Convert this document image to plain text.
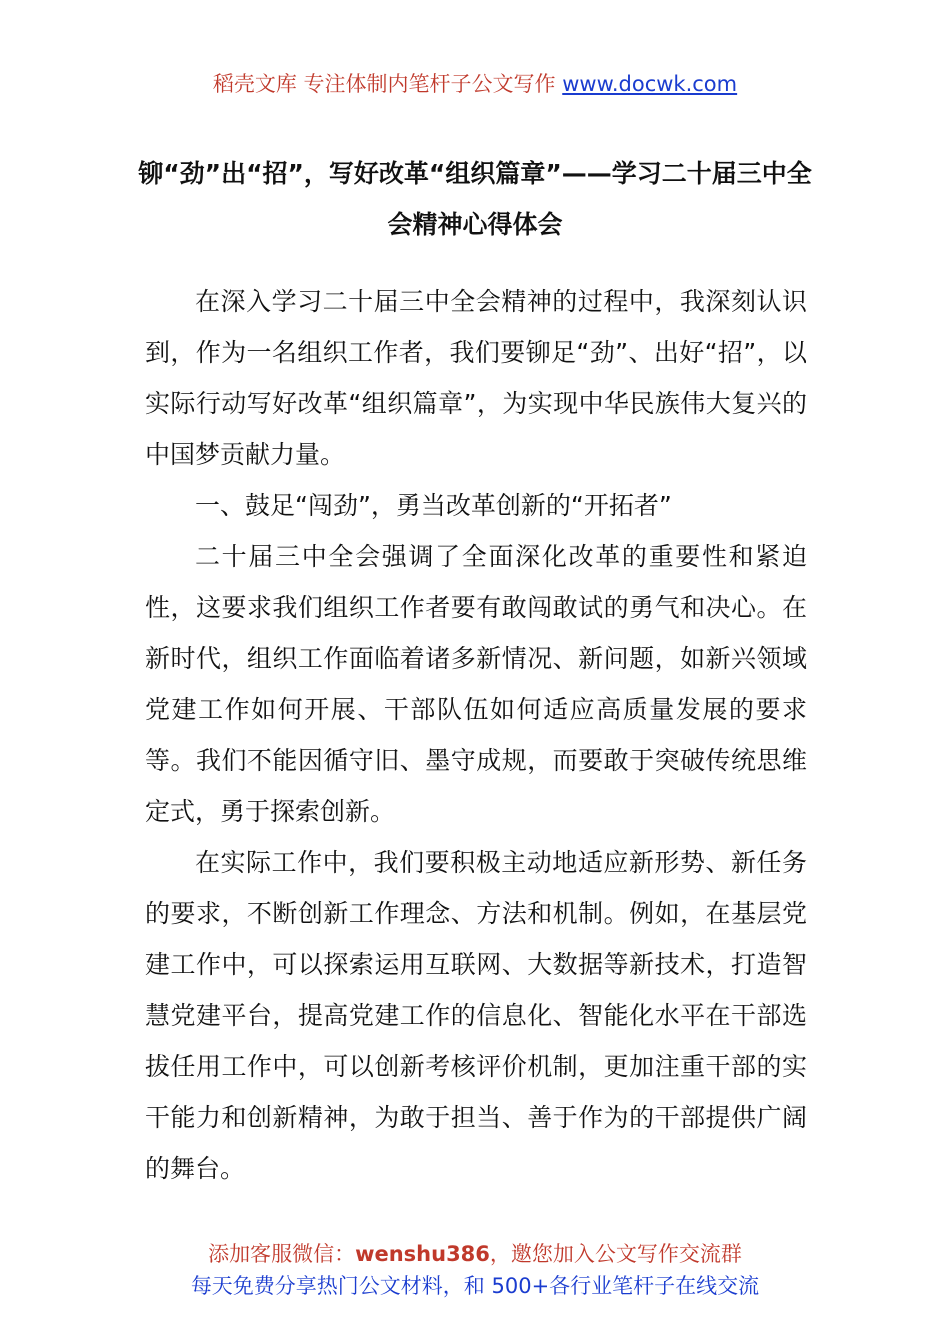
稻壳文库 专注体制内笔杆子公文写作 www.docwk.com
铆“劲”出“招”，写好改革“组织篇章”——学习二十届三中全会精神心得体会

在深入学习二十届三中全会精神的过程中，我深刻认识到，作为一名组织工作者，我们要铆足“劲”、出好“招”，以实际行动写好改革“组织篇章”，为实现中华民族伟大复兴的中国梦贡献力量。

一、鼓足“闯劲”，勇当改革创新的“开拓者”

二十届三中全会强调了全面深化改革的重要性和紧迫性，这要求我们组织工作者要有敢闯敢试的勇气和决心。在新时代，组织工作面临着诸多新情况、新问题，如新兴领域党建工作如何开展、干部队伍如何适应高质量发展的要求等。我们不能因循守旧、墨守成规，而要敢于突破传统思维定式，勇于探索创新。

在实际工作中，我们要积极主动地适应新形势、新任务的要求，不断创新工作理念、方法和机制。例如，在基层党建工作中，可以探索运用互联网、大数据等新技术，打造智慧党建平台，提高党建工作的信息化、智能化水平在干部选拔任用工作中，可以创新考核评价机制，更加注重干部的实干能力和创新精神，为敢于担当、善于作为的干部提供广阔的舞台。

添加客服微信：wenshu386，邀您加入公文写作交流群
每天免费分享热门公文材料，和 500+各行业笔杆子在线交流
